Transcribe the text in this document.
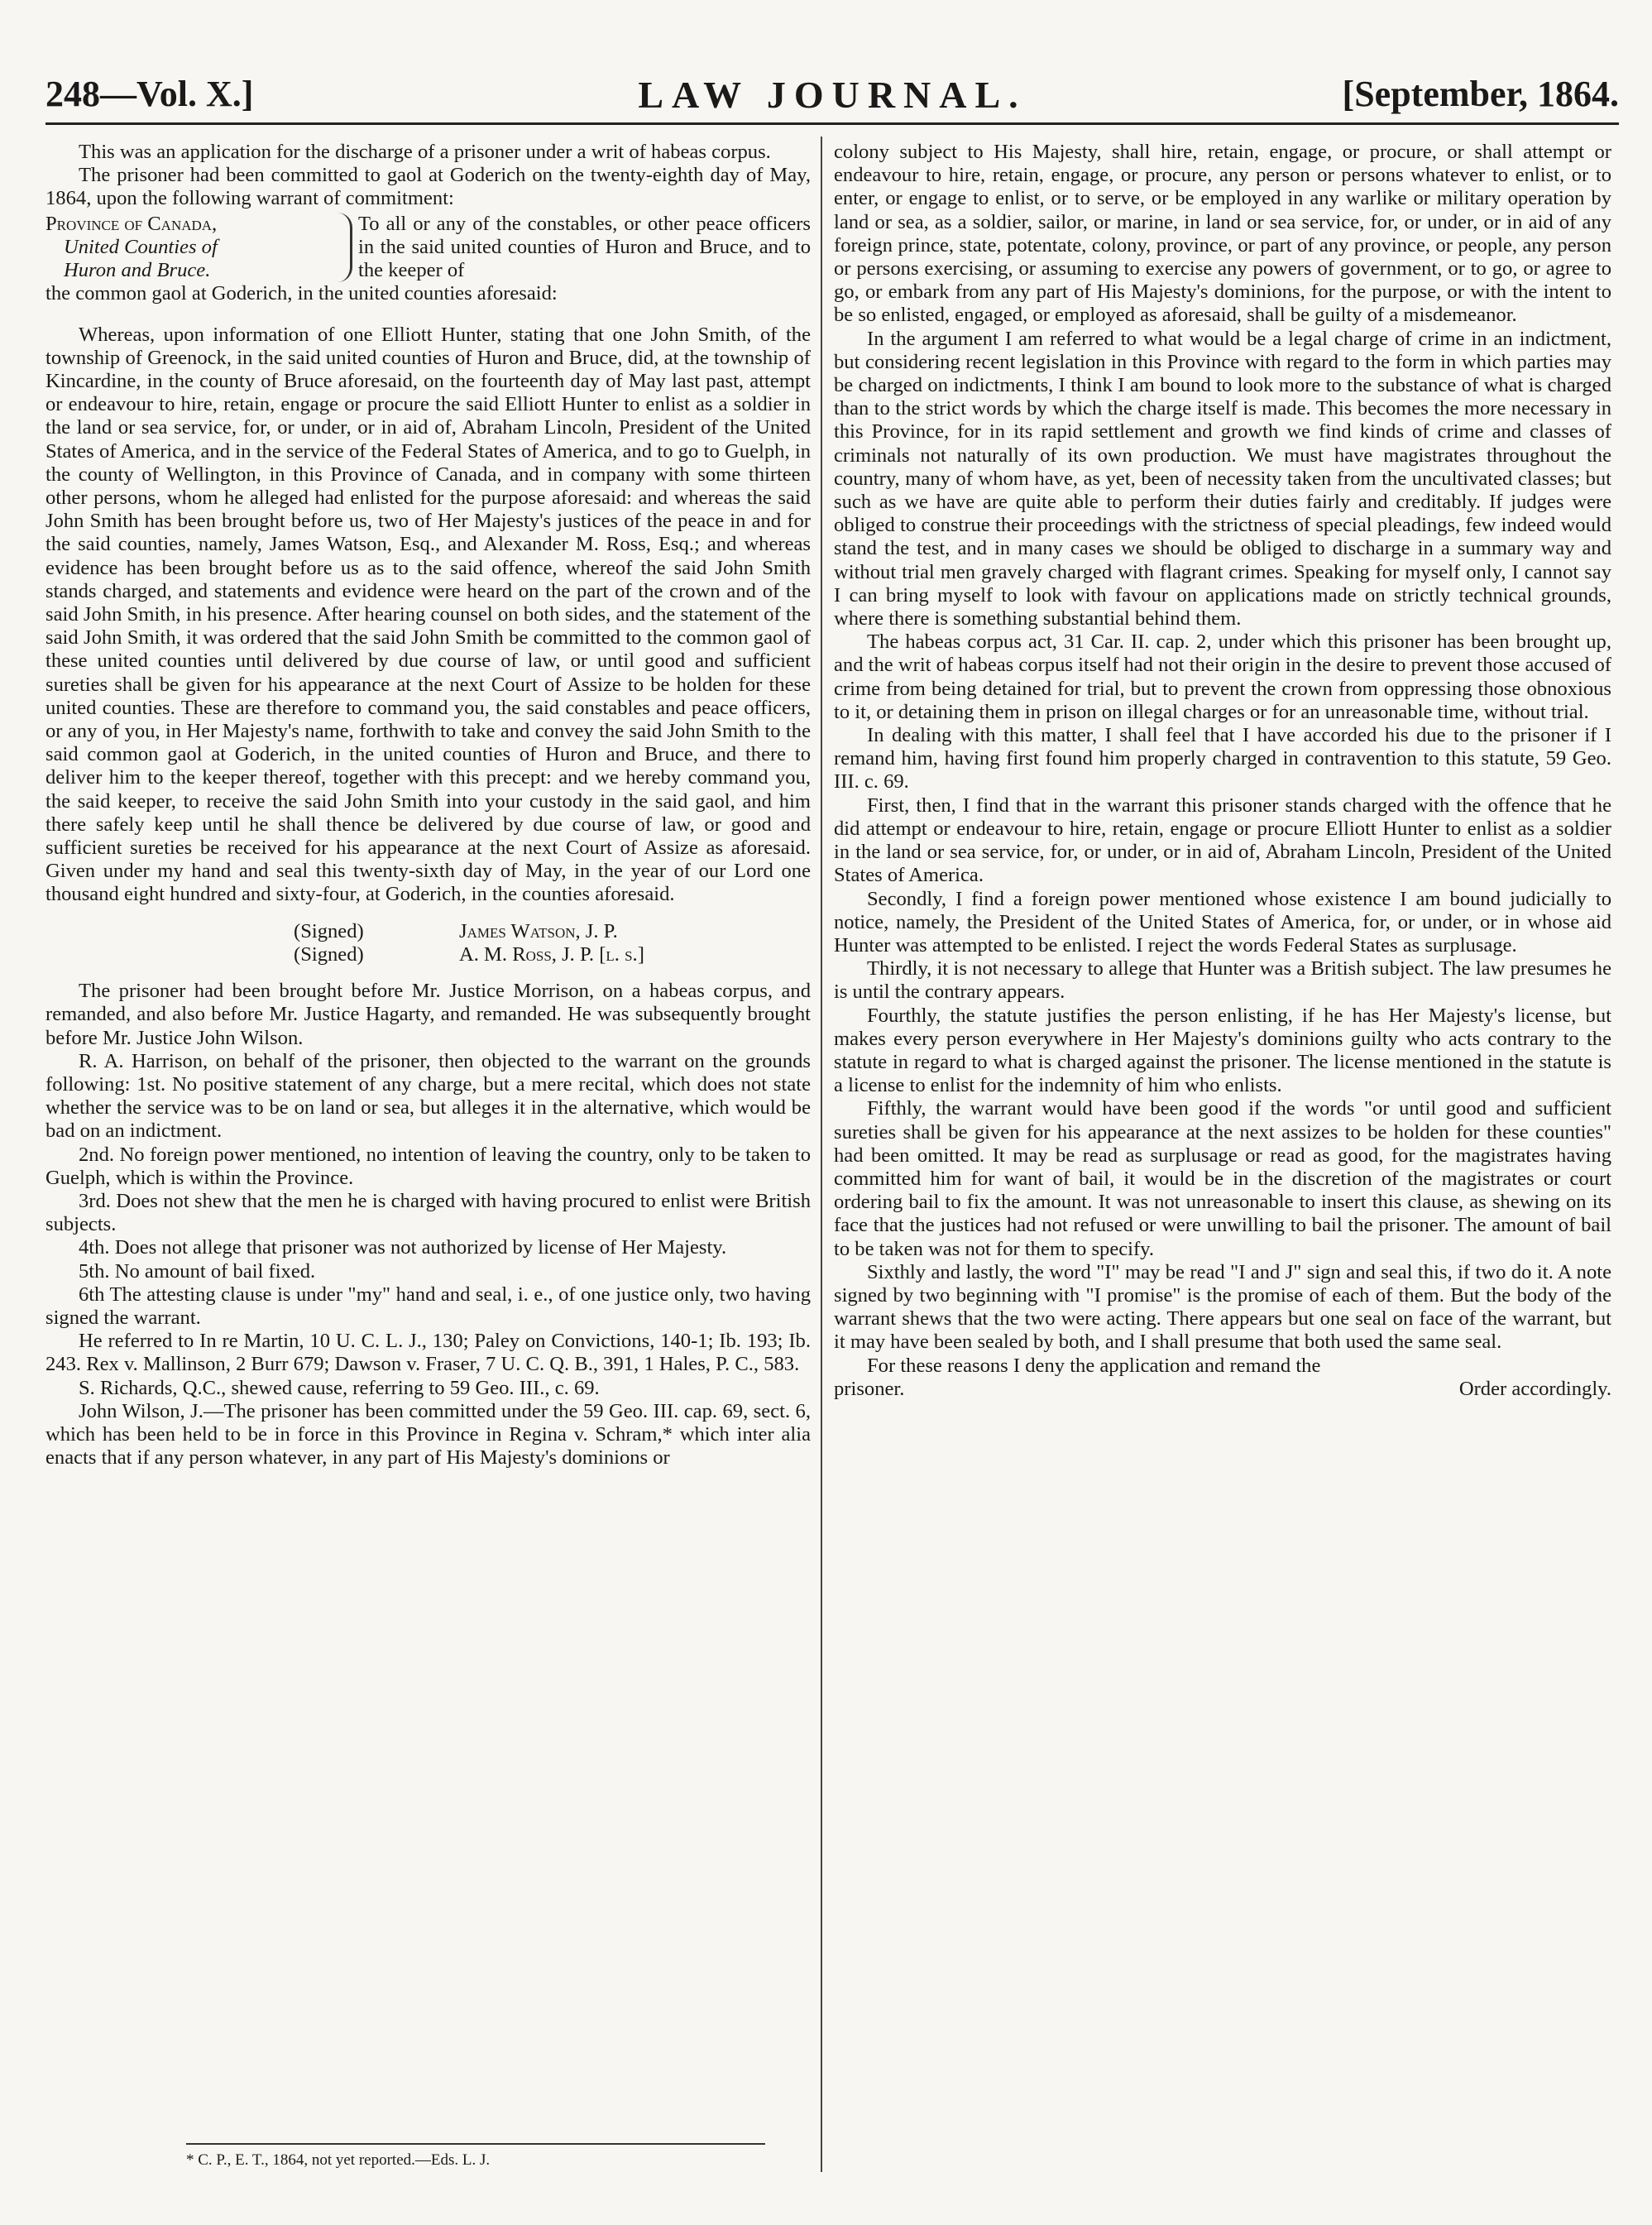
248—Vol. X.]	LAW JOURNAL.	[September, 1864.

This was an application for the discharge of a prisoner under a writ of habeas corpus.

The prisoner had been committed to gaol at Goderich on the twenty-eighth day of May, 1864, upon the following warrant of commitment:

Province of Canada,
United Counties of
Huron and Bruce.
To all or any of the constables, or other peace officers in the said united counties of Huron and Bruce, and to the keeper of
the common gaol at Goderich, in the united counties aforesaid:

Whereas, upon information of one Elliott Hunter, stating that one John Smith, of the township of Greenock, in the said united counties of Huron and Bruce, did, at the township of Kincardine, in the county of Bruce aforesaid, on the fourteenth day of May last past, attempt or endeavour to hire, retain, engage or procure the said Elliott Hunter to enlist as a soldier in the land or sea service, for, or under, or in aid of, Abraham Lincoln, President of the United States of America, and in the service of the Federal States of America, and to go to Guelph, in the county of Wellington, in this Province of Canada, and in company with some thirteen other persons, whom he alleged had enlisted for the purpose aforesaid: and whereas the said John Smith has been brought before us, two of Her Majesty's justices of the peace in and for the said counties, namely, James Watson, Esq., and Alexander M. Ross, Esq.; and whereas evidence has been brought before us as to the said offence, whereof the said John Smith stands charged, and statements and evidence were heard on the part of the crown and of the said John Smith, in his presence. After hearing counsel on both sides, and the statement of the said John Smith, it was ordered that the said John Smith be committed to the common gaol of these united counties until delivered by due course of law, or until good and sufficient sureties shall be given for his appearance at the next Court of Assize to be holden for these united counties. These are therefore to command you, the said constables and peace officers, or any of you, in Her Majesty's name, forthwith to take and convey the said John Smith to the said common gaol at Goderich, in the united counties of Huron and Bruce, and there to deliver him to the keeper thereof, together with this precept: and we hereby command you, the said keeper, to receive the said John Smith into your custody in the said gaol, and him there safely keep until he shall thence be delivered by due course of law, or good and sufficient sureties be received for his appearance at the next Court of Assize as aforesaid. Given under my hand and seal this twenty-sixth day of May, in the year of our Lord one thousand eight hundred and sixty-four, at Goderich, in the counties aforesaid.

(Signed)	James Watson, J. P.
(Signed)	A. M. Ross, J. P. [l. s.]

The prisoner had been brought before Mr. Justice Morrison, on a habeas corpus, and remanded, and also before Mr. Justice Hagarty, and remanded. He was subsequently brought before Mr. Justice John Wilson.

R. A. Harrison, on behalf of the prisoner, then objected to the warrant on the grounds following: 1st. No positive statement of any charge, but a mere recital, which does not state whether the service was to be on land or sea, but alleges it in the alternative, which would be bad on an indictment.

2nd. No foreign power mentioned, no intention of leaving the country, only to be taken to Guelph, which is within the Province.

3rd. Does not shew that the men he is charged with having procured to enlist were British subjects.

4th. Does not allege that prisoner was not authorized by license of Her Majesty.

5th. No amount of bail fixed.

6th The attesting clause is under "my" hand and seal, i. e., of one justice only, two having signed the warrant.

He referred to In re Martin, 10 U. C. L. J., 130; Paley on Convictions, 140-1; Ib. 193; Ib. 243. Rex v. Mallinson, 2 Burr 679; Dawson v. Fraser, 7 U. C. Q. B., 391, 1 Hales, P. C., 583.

S. Richards, Q.C., shewed cause, referring to 59 Geo. III., c. 69.

John Wilson, J.—The prisoner has been committed under the 59 Geo. III. cap. 69, sect. 6, which has been held to be in force in this Province in Regina v. Schram,* which inter alia enacts that if any person whatever, in any part of His Majesty's dominions or

* C. P., E. T., 1864, not yet reported.—Eds. L. J.

colony subject to His Majesty, shall hire, retain, engage, or procure, or shall attempt or endeavour to hire, retain, engage, or procure, any person or persons whatever to enlist, or to enter, or engage to enlist, or to serve, or be employed in any warlike or military operation by land or sea, as a soldier, sailor, or marine, in land or sea service, for, or under, or in aid of any foreign prince, state, potentate, colony, province, or part of any province, or people, any person or persons exercising, or assuming to exercise any powers of government, or to go, or agree to go, or embark from any part of His Majesty's dominions, for the purpose, or with the intent to be so enlisted, engaged, or employed as aforesaid, shall be guilty of a misdemeanor.

In the argument I am referred to what would be a legal charge of crime in an indictment, but considering recent legislation in this Province with regard to the form in which parties may be charged on indictments, I think I am bound to look more to the substance of what is charged than to the strict words by which the charge itself is made. This becomes the more necessary in this Province, for in its rapid settlement and growth we find kinds of crime and classes of criminals not naturally of its own production. We must have magistrates throughout the country, many of whom have, as yet, been of necessity taken from the uncultivated classes; but such as we have are quite able to perform their duties fairly and creditably. If judges were obliged to construe their proceedings with the strictness of special pleadings, few indeed would stand the test, and in many cases we should be obliged to discharge in a summary way and without trial men gravely charged with flagrant crimes. Speaking for myself only, I cannot say I can bring myself to look with favour on applications made on strictly technical grounds, where there is something substantial behind them.

The habeas corpus act, 31 Car. II. cap. 2, under which this prisoner has been brought up, and the writ of habeas corpus itself had not their origin in the desire to prevent those accused of crime from being detained for trial, but to prevent the crown from oppressing those obnoxious to it, or detaining them in prison on illegal charges or for an unreasonable time, without trial.

In dealing with this matter, I shall feel that I have accorded his due to the prisoner if I remand him, having first found him properly charged in contravention to this statute, 59 Geo. III. c. 69.

First, then, I find that in the warrant this prisoner stands charged with the offence that he did attempt or endeavour to hire, retain, engage or procure Elliott Hunter to enlist as a soldier in the land or sea service, for, or under, or in aid of, Abraham Lincoln, President of the United States of America.

Secondly, I find a foreign power mentioned whose existence I am bound judicially to notice, namely, the President of the United States of America, for, or under, or in whose aid Hunter was attempted to be enlisted. I reject the words Federal States as surplusage.

Thirdly, it is not necessary to allege that Hunter was a British subject. The law presumes he is until the contrary appears.

Fourthly, the statute justifies the person enlisting, if he has Her Majesty's license, but makes every person everywhere in Her Majesty's dominions guilty who acts contrary to the statute in regard to what is charged against the prisoner. The license mentioned in the statute is a license to enlist for the indemnity of him who enlists.

Fifthly, the warrant would have been good if the words "or until good and sufficient sureties shall be given for his appearance at the next assizes to be holden for these counties" had been omitted. It may be read as surplusage or read as good, for the magistrates having committed him for want of bail, it would be in the discretion of the magistrates or court ordering bail to fix the amount. It was not unreasonable to insert this clause, as shewing on its face that the justices had not refused or were unwilling to bail the prisoner. The amount of bail to be taken was not for them to specify.

Sixthly and lastly, the word "I" may be read "I and J" sign and seal this, if two do it. A note signed by two beginning with "I promise" is the promise of each of them. But the body of the warrant shews that the two were acting. There appears but one seal on face of the warrant, but it may have been sealed by both, and I shall presume that both used the same seal.

For these reasons I deny the application and remand the

prisoner.	Order accordingly.
